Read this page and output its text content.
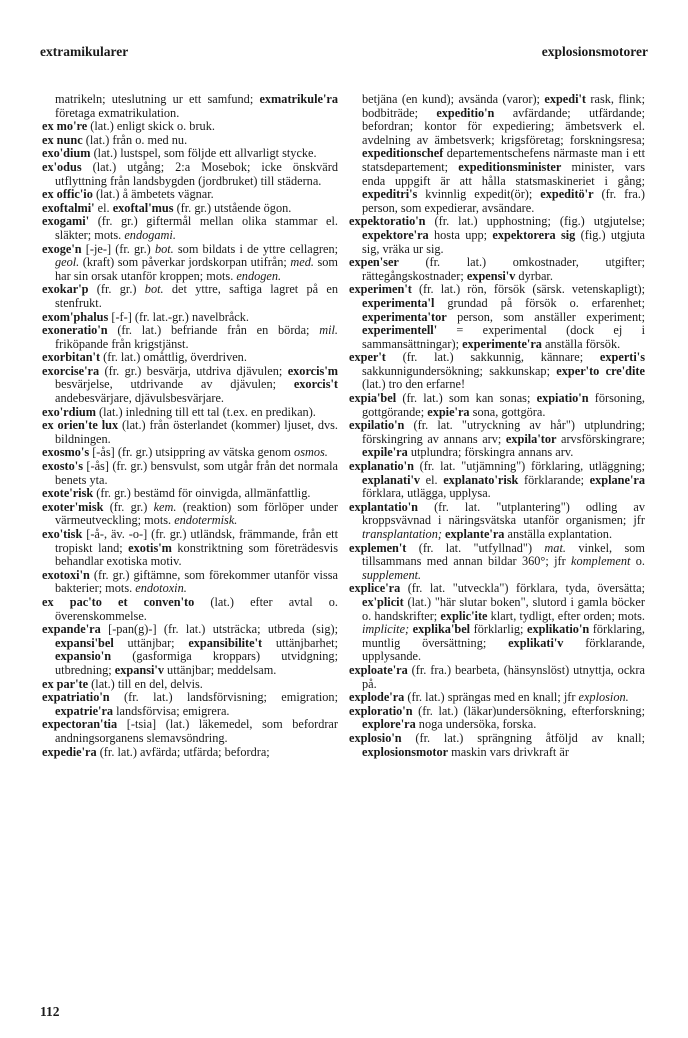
extramikularer	explosionsmotorer

matrikeln; uteslutning ur ett samfund; exmatrikule'ra företaga exmatrikulation.

ex mo're (lat.) enligt skick o. bruk.

ex nunc (lat.) från o. med nu.

exo'dium (lat.) lustspel, som följde ett allvarligt stycke.

ex'odus (lat.) utgång; 2:a Mosebok; icke önskvärd utflyttning från landsbygden (jordbruket) till städerna.

ex offic'io (lat.) å ämbetets vägnar.

exoftalmi' el. exoftal'mus (fr. gr.) utstående ögon.

exogami' (fr. gr.) giftermål mellan olika stammar el. släkter; mots. endogami.

exoge'n [-je-] (fr. gr.) bot. som bildats i de yttre cellagren; geol. (kraft) som påverkar jordskorpan utifrån; med. som har sin orsak utanför kroppen; mots. endogen.

exokar'p (fr. gr.) bot. det yttre, saftiga lagret på en stenfrukt.

exom'phalus [-f-] (fr. lat.-gr.) navelbråck.

exoneratio'n (fr. lat.) befriande från en börda; mil. friköpande från krigstjänst.

exorbitan't (fr. lat.) omåttlig, överdriven.

exorcise'ra (fr. gr.) besvärja, utdriva djävulen; exorcis'm besvärjelse, utdrivande av djävulen; exorcis't andebesvärjare, djävulsbesvärjare.

exo'rdium (lat.) inledning till ett tal (t.ex. en predikan).

ex orien'te lux (lat.) från österlandet (kommer) ljuset, dvs. bildningen.

exosmo's [-ås] (fr. gr.) utsippring av vätska genom osmos.

exosto's [-ås] (fr. gr.) bensvulst, som utgår från det normala benets yta.

exote'risk (fr. gr.) bestämd för oinvigda, allmänfattlig.

exoter'misk (fr. gr.) kem. (reaktion) som förlöper under värmeutveckling; mots. endotermisk.

exo'tisk [-å-, äv. -o-] (fr. gr.) utländsk, främmande, från ett tropiskt land; exotis'm konstriktning som företrädesvis behandlar exotiska motiv.

exotoxi'n (fr. gr.) giftämne, som förekommer utanför vissa bakterier; mots. endotoxin.

ex pac'to et conven'to (lat.) efter avtal o. överenskommelse.

expande'ra [-pan(g)-] (fr. lat.) utsträcka; utbreda (sig); expansi'bel uttänjbar; expansibilite't uttänjbarhet; expansio'n (gasformiga kroppars) utvidgning; utbredning; expansi'v uttänjbar; meddelsam.

ex par'te (lat.) till en del, delvis.

expatriatio'n (fr. lat.) landsförvisning; emigration; expatrie'ra landsförvisa; emigrera.

expectoran'tia [-tsia] (lat.) läkemedel, som befordrar andningsorganens slemavsöndring.

expedie'ra (fr. lat.) avfärda; utfärda; befordra;

betjäna (en kund); avsända (varor); expedi't rask, flink; bodbiträde; expeditio'n avfärdande; utfärdande; befordran; kontor för expediering; ämbetsverk el. avdelning av ämbetsverk; krigsföretag; forskningsresa; expeditionschef departementschefens närmaste man i ett statsdepartement; expeditionsminister minister, vars enda uppgift är att hålla statsmaskineriet i gång; expeditri's kvinnlig expedit(ör); expeditö'r (fr. fra.) person, som expedierar, avsändare.

expektoratio'n (fr. lat.) upphostning; (fig.) utgjutelse; expektore'ra hosta upp; expektorera sig (fig.) utgjuta sig, vräka ur sig.

expen'ser (fr. lat.) omkostnader, utgifter; rättegångskostnader; expensi'v dyrbar.

experimen't (fr. lat.) rön, försök (särsk. vetenskapligt); experimenta'l grundad på försök o. erfarenhet; experimenta'tor person, som anställer experiment; experimentell' = experimental (dock ej i sammansättningar); experimente'ra anställa försök.

exper't (fr. lat.) sakkunnig, kännare; experti's sakkunnigundersökning; sakkunskap; exper'to cre'dite (lat.) tro den erfarne!

expia'bel (fr. lat.) som kan sonas; expiatio'n försoning, gottgörande; expie'ra sona, gottgöra.

expilatio'n (fr. lat. "utryckning av hår") utplundring; förskingring av annans arv; expila'tor arvsförskingrare; expile'ra utplundra; förskingra annans arv.

explanatio'n (fr. lat. "utjämning") förklaring, utläggning; explanati'v el. explanato'risk förklarande; explane'ra förklara, utlägga, upplysa.

explantatio'n (fr. lat. "utplantering") odling av kroppsvävnad i näringsvätska utanför organismen; jfr transplantation; explante'ra anställa explantation.

explemen't (fr. lat. "utfyllnad") mat. vinkel, som tillsammans med annan bildar 360°; jfr komplement o. supplement.

explice'ra (fr. lat. "utveckla") förklara, tyda, översätta; ex'plicit (lat.) "här slutar boken", slutord i gamla böcker o. handskrifter; explic'ite klart, tydligt, efter orden; mots. implicite; explika'bel förklarlig; explikatio'n förklaring, muntlig översättning; explikati'v förklarande, upplysande.

exploate'ra (fr. fra.) bearbeta, (hänsynslöst) utnyttja, ockra på.

explode'ra (fr. lat.) sprängas med en knall; jfr explosion.

exploratio'n (fr. lat.) (läkar)undersökning, efterforskning; explore'ra noga undersöka, forska.

explosio'n (fr. lat.) sprängning åtföljd av knall; explosionsmotor maskin vars drivkraft är

112
